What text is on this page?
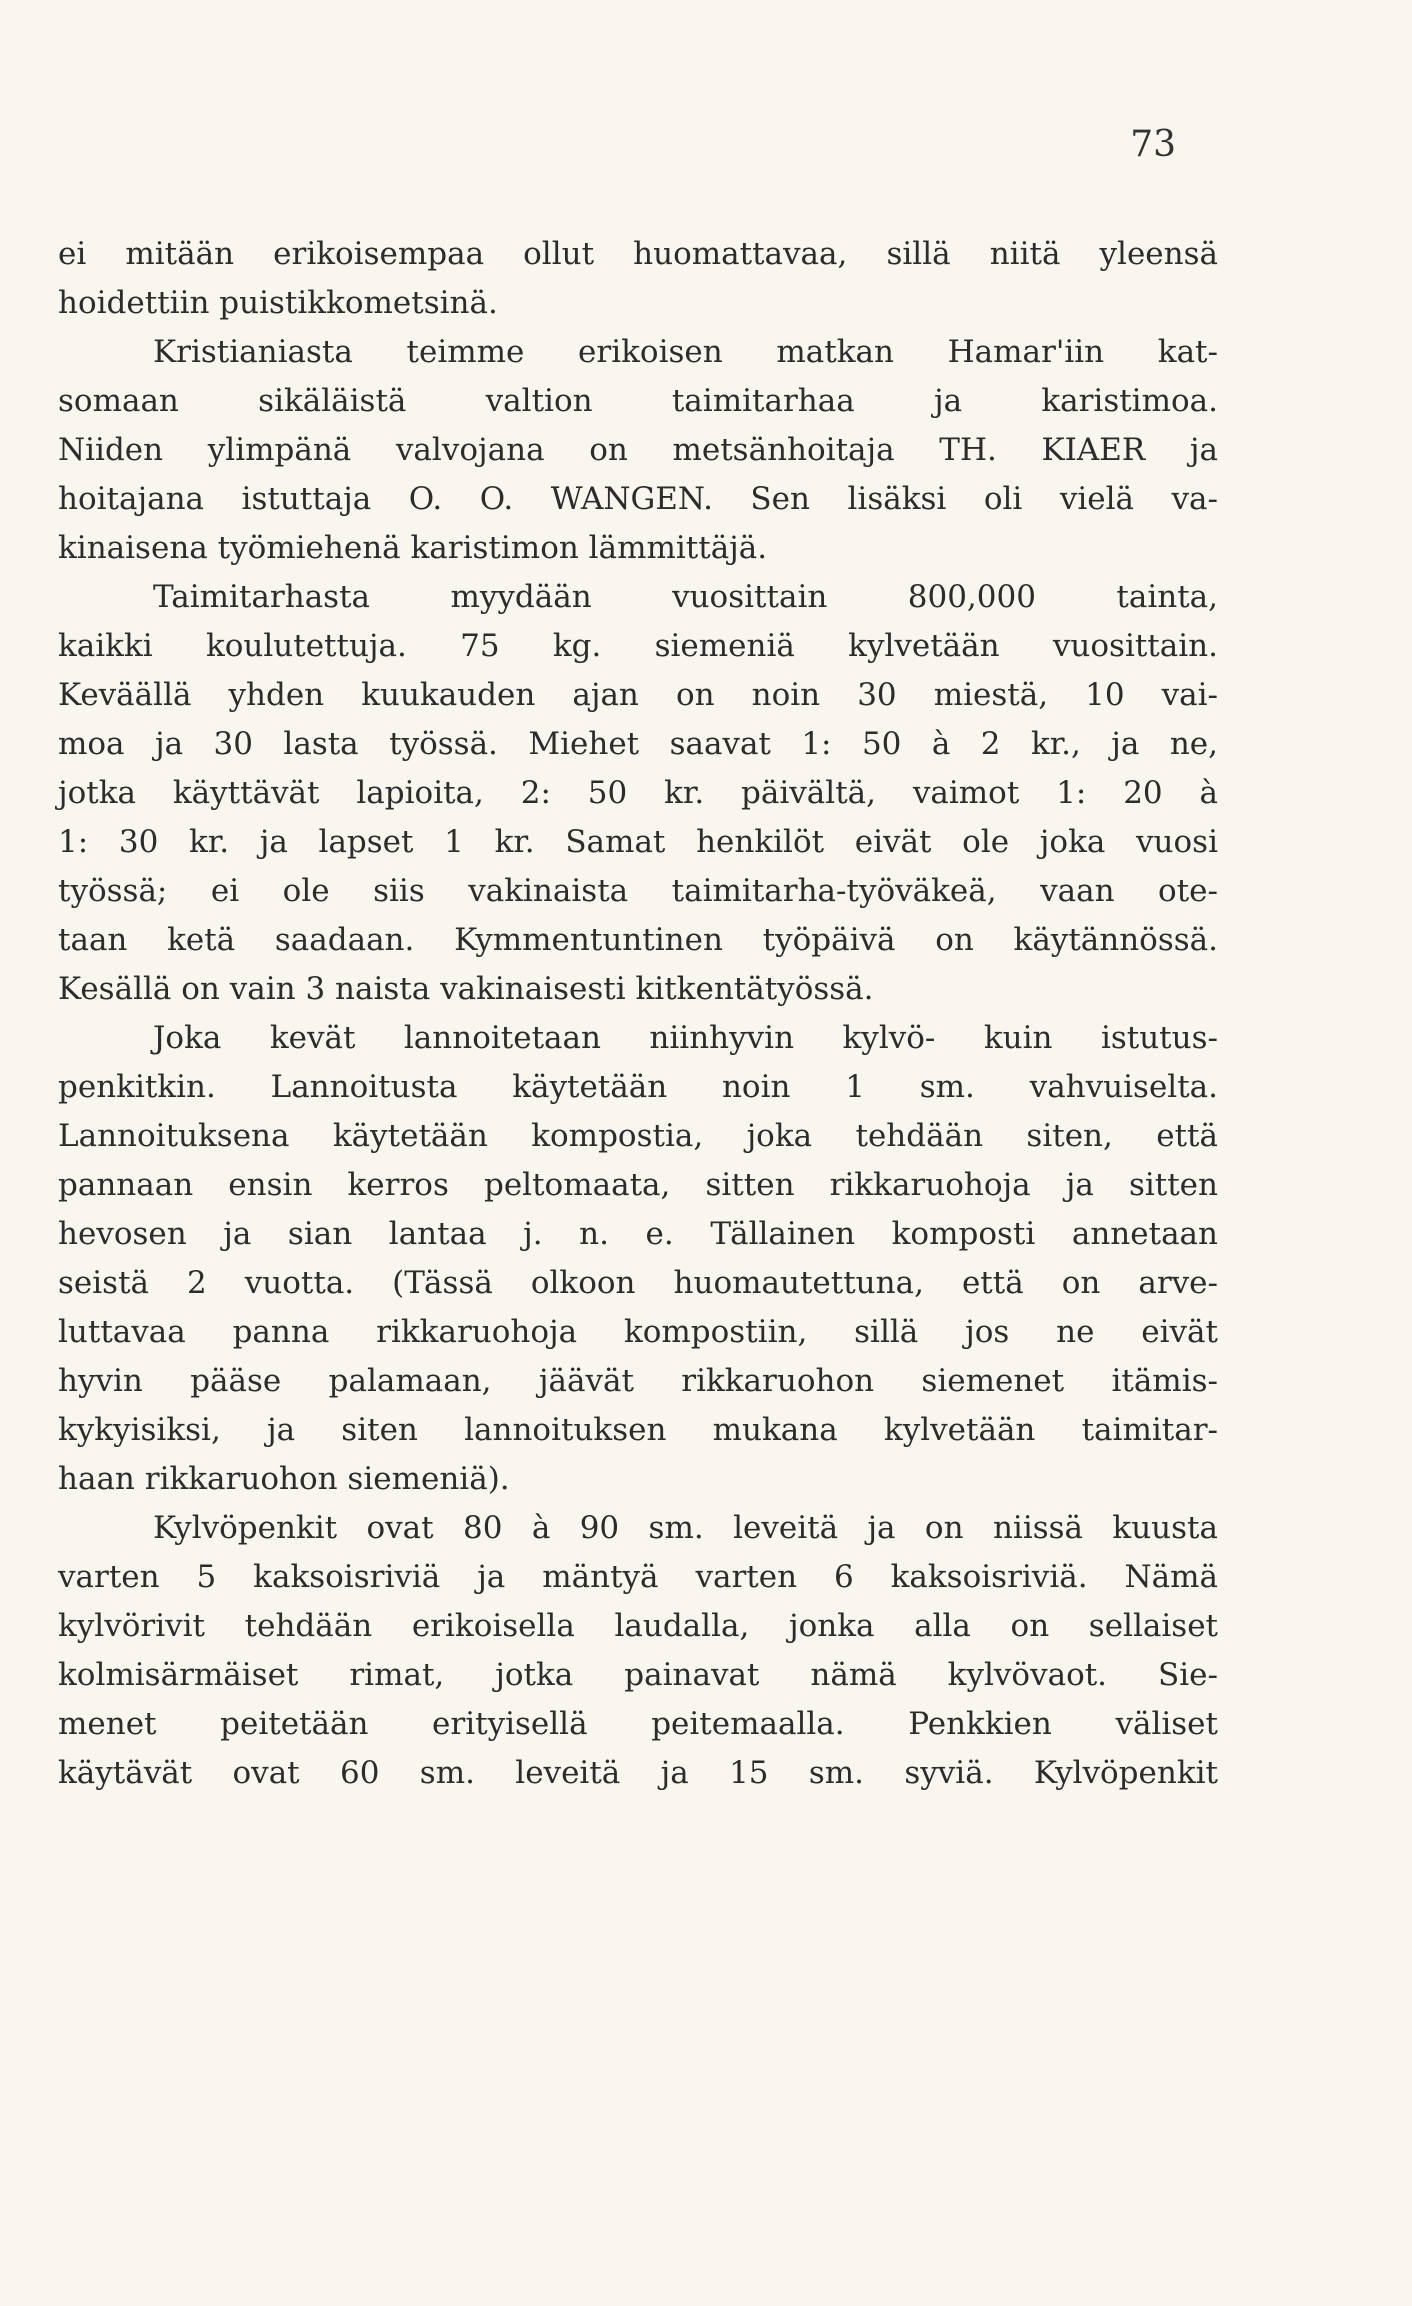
73
ei mitään erikoisempaa ollut huomattavaa, sillä niitä yleensä
hoidettiin puistikkometsinä.
Kristianiasta teimme erikoisen matkan Hamar'iin kat-
somaan sikäläistä valtion taimitarhaa ja karistimoa.
Niiden ylimpänä valvojana on metsänhoitaja TH. KIAER ja
hoitajana istuttaja O. O. WANGEN. Sen lisäksi oli vielä va-
kinaisena työmiehenä karistimon lämmittäjä.
Taimitarhasta myydään vuosittain 800,000 tainta,
kaikki koulutettuja. 75 kg. siemeniä kylvetään vuosittain.
Keväällä yhden kuukauden ajan on noin 30 miestä, 10 vai-
moa ja 30 lasta työssä. Miehet saavat 1: 50 à 2 kr., ja ne,
jotka käyttävät lapioita, 2: 50 kr. päivältä, vaimot 1: 20 à
1: 30 kr. ja lapset 1 kr. Samat henkilöt eivät ole joka vuosi
työssä; ei ole siis vakinaista taimitarha-työväkeä, vaan ote-
taan ketä saadaan. Kymmentuntinen työpäivä on käytännössä.
Kesällä on vain 3 naista vakinaisesti kitkentätyössä.
Joka kevät lannoitetaan niinhyvin kylvö- kuin istutus-
penkitkin. Lannoitusta käytetään noin 1 sm. vahvuiselta.
Lannoituksena käytetään kompostia, joka tehdään siten, että
pannaan ensin kerros peltomaata, sitten rikkaruohoja ja sitten
hevosen ja sian lantaa j. n. e. Tällainen komposti annetaan
seistä 2 vuotta. (Tässä olkoon huomautettuna, että on arve-
luttavaa panna rikkaruohoja kompostiin, sillä jos ne eivät
hyvin pääse palamaan, jäävät rikkaruohon siemenet itämis-
kykyisiksi, ja siten lannoituksen mukana kylvetään taimitar-
haan rikkaruohon siemeniä).
Kylvöpenkit ovat 80 à 90 sm. leveitä ja on niissä kuusta
varten 5 kaksoisriviä ja mäntyä varten 6 kaksoisriviä. Nämä
kylvörivit tehdään erikoisella laudalla, jonka alla on sellaiset
kolmisärmäiset rimat, jotka painavat nämä kylvövaot. Sie-
menet peitetään erityisellä peitemaalla. Penkkien väliset
käytävät ovat 60 sm. leveitä ja 15 sm. syviä. Kylvöpenkit
